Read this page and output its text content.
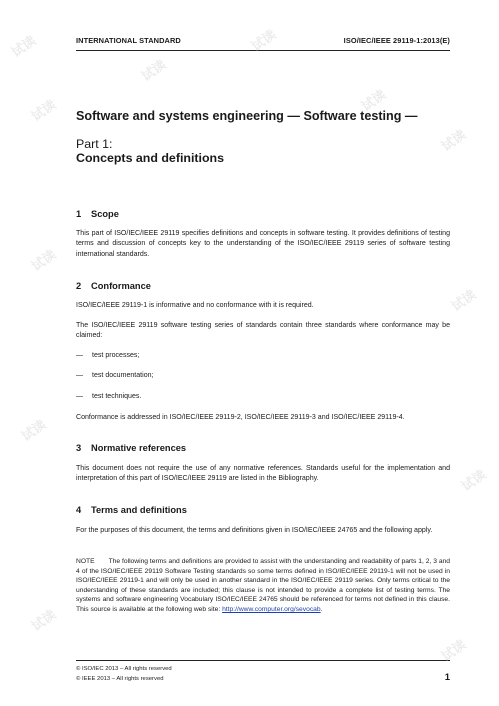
INTERNATIONAL STANDARD	ISO/IEC/IEEE 29119-1:2013(E)
Software and systems engineering — Software testing —
Part 1:
Concepts and definitions
1 Scope
This part of ISO/IEC/IEEE 29119 specifies definitions and concepts in software testing. It provides definitions of testing terms and discussion of concepts key to the understanding of the ISO/IEC/IEEE 29119 series of software testing international standards.
2 Conformance
ISO/IEC/IEEE 29119-1 is informative and no conformance with it is required.
The ISO/IEC/IEEE 29119 software testing series of standards contain three standards where conformance may be claimed:
— test processes;
— test documentation;
— test techniques.
Conformance is addressed in ISO/IEC/IEEE 29119-2, ISO/IEC/IEEE 29119-3 and ISO/IEC/IEEE 29119-4.
3 Normative references
This document does not require the use of any normative references. Standards useful for the implementation and interpretation of this part of ISO/IEC/IEEE 29119 are listed in the Bibliography.
4 Terms and definitions
For the purposes of this document, the terms and definitions given in ISO/IEC/IEEE 24765 and the following apply.
NOTE The following terms and definitions are provided to assist with the understanding and readability of parts 1, 2, 3 and 4 of the ISO/IEC/IEEE 29119 Software Testing standards so some terms defined in ISO/IEC/IEEE 29119-1 will not be used in ISO/IEC/IEEE 29119-1 and will only be used in another standard in the ISO/IEC/IEEE 29119 series. Only terms critical to the understanding of these standards are included; this clause is not intended to provide a complete list of testing terms. The systems and software engineering Vocabulary ISO/IEC/IEEE 24765 should be referenced for terms not defined in this clause. This source is available at the following web site: http://www.computer.org/sevocab.
© ISO/IEC 2013 – All rights reserved
© IEEE 2013 – All rights reserved	1
试读
试读
试读
试读
试读
试读
试读
试读
试读
试读
试读
试读
